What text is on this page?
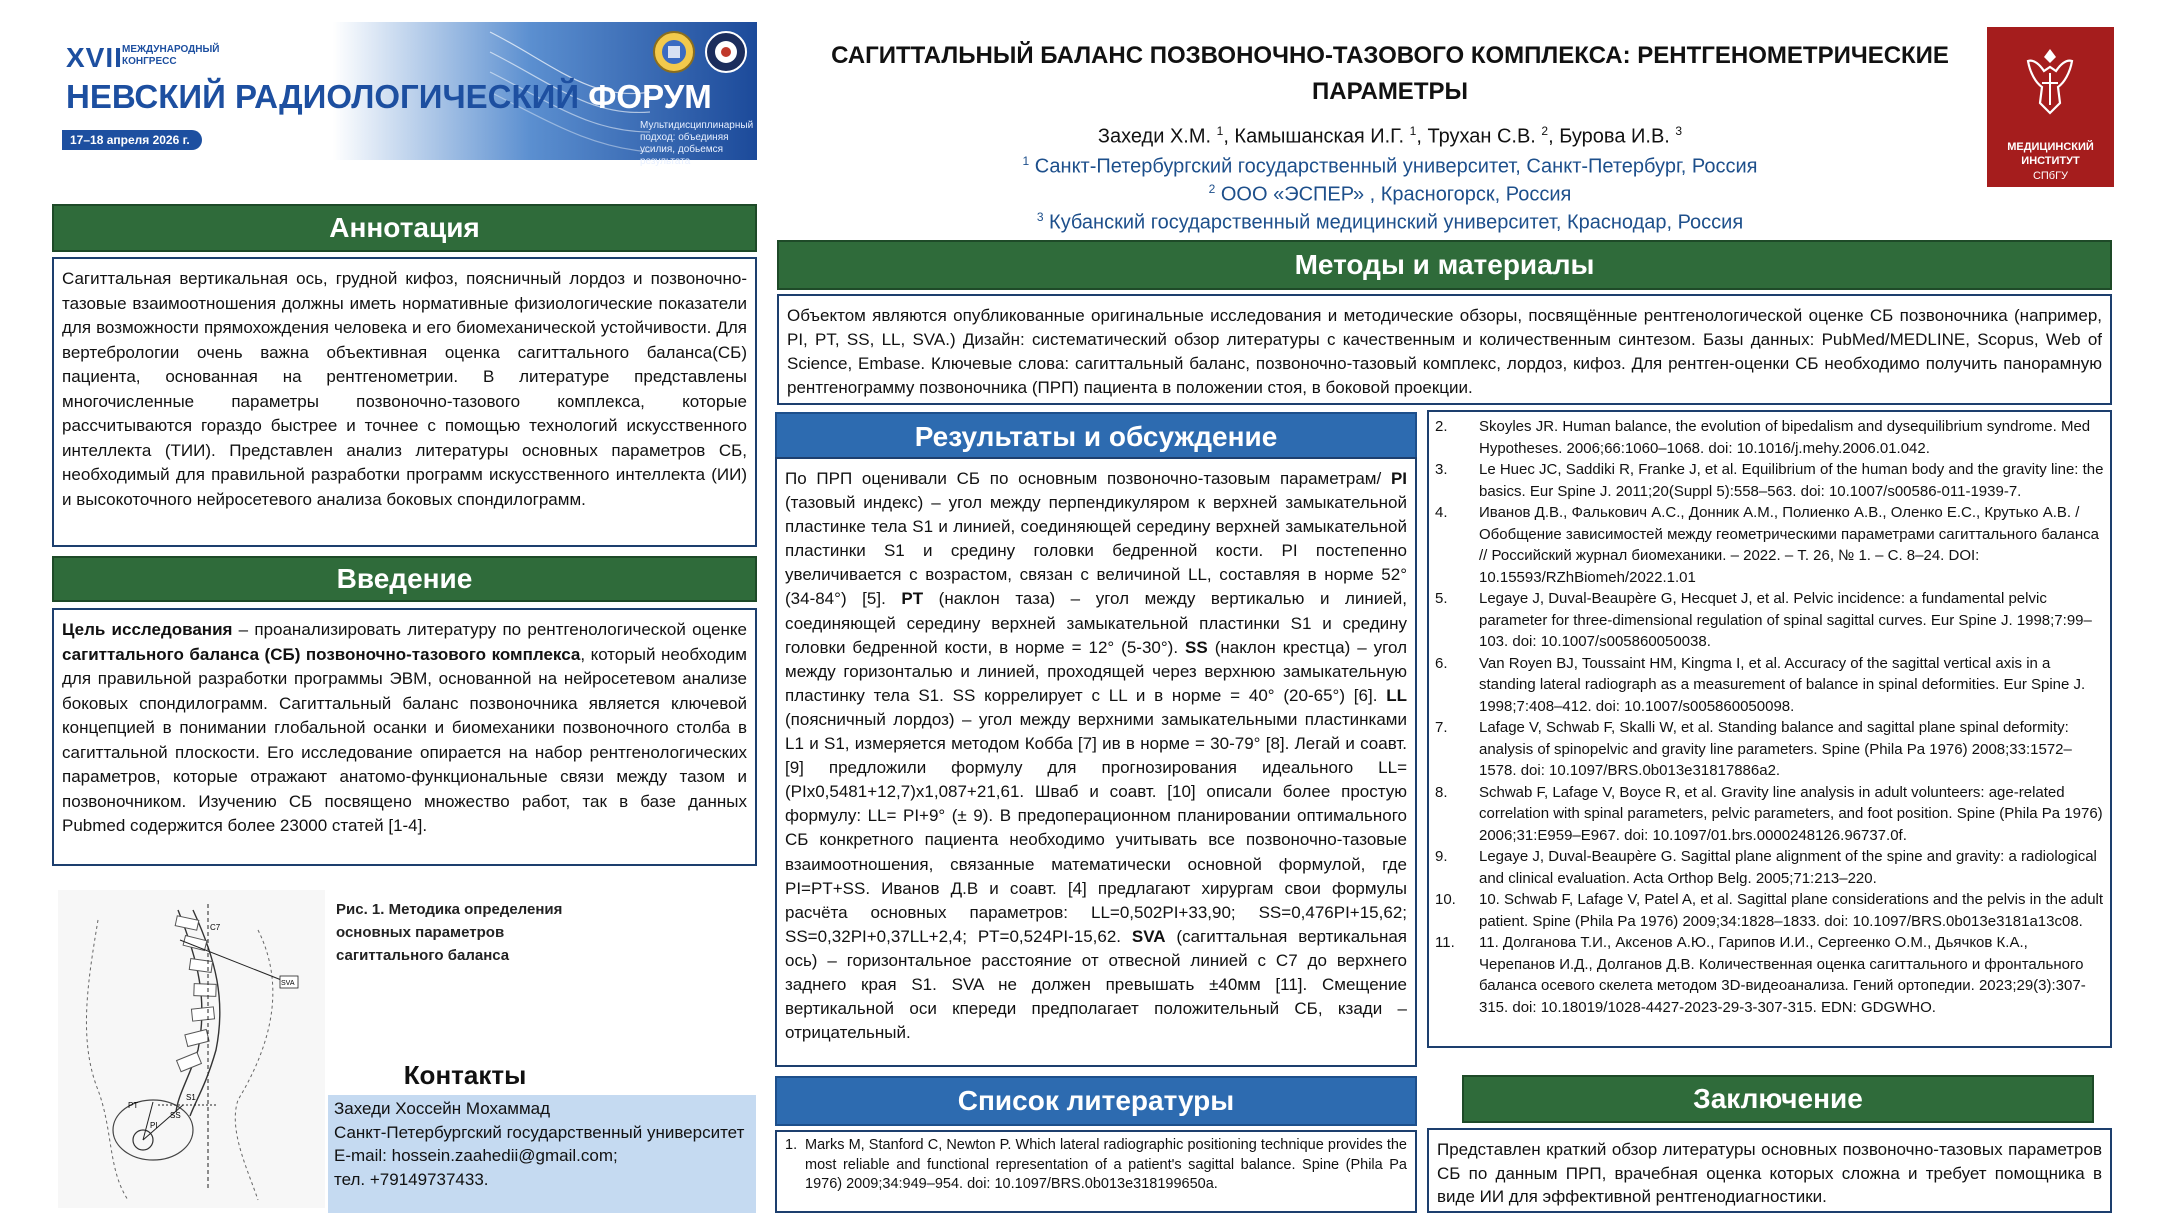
XVII МЕЖДУНАРОДНЫЙ КОНГРЕСС
НЕВСКИЙ РАДИОЛОГИЧЕСКИЙ ФОРУМ
17–18 апреля 2026 г.
Мультидисциплинарный подход: объединяя усилия, добьемся результата
САГИТТАЛЬНЫЙ БАЛАНС ПОЗВОНОЧНО-ТАЗОВОГО КОМПЛЕКСА: РЕНТГЕНОМЕТРИЧЕСКИЕ
ПАРАМЕТРЫ
Захеди Х.М. $^1$, Камышанская И.Г. $^1$, Трухан С.В. $^2$, Бурова И.В. $^3$
$^1$ Санкт-Петербургский государственный университет, Санкт-Петербург, Россия
$^2$ ООО «ЭСПЕР» , Красногорск, Россия
$^3$ Кубанский государственный медицинский университет, Краснодар, Россия
МЕДИЦИНСКИЙ
ИНСТИТУТ
СПбГУ
Аннотация
Сагиттальная вертикальная ось, грудной кифоз, поясничный лордоз и позвоночно-тазовые взаимоотношения должны иметь нормативные физиологические показатели для возможности прямохождения человека и его биомеханической устойчивости. Для вертебрологии очень важна объективная оценка сагиттального баланса(СБ) пациента, основанная на рентгенометрии. В литературе представлены многочисленные параметры позвоночно-тазового комплекса, которые рассчитываются гораздо быстрее и точнее с помощью технологий искусственного интеллекта (ТИИ). Представлен анализ литературы основных параметров СБ, необходимый для правильной разработки программ искусственного интеллекта (ИИ) и высокоточного нейросетевого анализа боковых спондилограмм.
Введение
Цель исследования – проанализировать литературу по рентгенологической оценке сагиттального баланса (СБ) позвоночно-тазового комплекса, который необходим для правильной разработки программы ЭВМ, основанной на нейросетевом анализе боковых спондилограмм. Сагиттальный баланс позвоночника является ключевой концепцией в понимании глобальной осанки и биомеханики позвоночного столба в сагиттальной плоскости. Его исследование опирается на набор рентгенологических параметров, которые отражают анатомо-функциональные связи между тазом и позвоночником. Изучению СБ посвящено множество работ, так в базе данных Pubmed содержится более 23000 статей [1-4].
SVA
C7
S1
PT
SS
PI
Рис. 1. Методика определения основных параметров сагиттального баланса
Контакты
Захеди Хоссейн Мохаммад
Санкт-Петербургский государственный университет
E-mail: hossein.zaahedii@gmail.com;
тел. +79149737433.
Методы и материалы
Объектом являются опубликованные оригинальные исследования и методические обзоры, посвящённые рентгенологической оценке СБ позвоночника (например, PI, PT, SS, LL, SVA.) Дизайн: систематический обзор литературы с качественным и количественным синтезом. Базы данных: PubMed/MEDLINE, Scopus, Web of Science, Embase. Ключевые слова: сагиттальный баланс, позвоночно-тазовый комплекс, лордоз, кифоз. Для рентген-оценки СБ необходимо получить панорамную рентгенограмму позвоночника (ПРП) пациента в положении стоя, в боковой проекции.
Результаты и обсуждение
По ПРП оценивали СБ по основным позвоночно-тазовым параметрам/ PI (тазовый индекс) – угол между перпендикуляром к верхней замыкательной пластинке тела S1 и линией, соединяющей середину верхней замыкательной пластинки S1 и средину головки бедренной кости. PI постепенно увеличивается с возрастом, связан с величиной LL, составляя в норме 52° (34-84°) [5]. PT (наклон таза) – угол между вертикалью и линией, соединяющей середину верхней замыкательной пластинки S1 и средину головки бедренной кости, в норме = 12° (5-30°). SS (наклон крестца) – угол между горизонталью и линией, проходящей через верхнюю замыкательную пластинку тела S1. SS коррелирует с LL и в норме = 40° (20-65°) [6]. LL (поясничный лордоз) – угол между верхними замыкательными пластинками L1 и S1, измеряется методом Кобба [7] ив в норме = 30-79° [8]. Легай и соавт. [9] предложили формулу для прогнозирования идеального LL=(PIx0,5481+12,7)x1,087+21,61. Шваб и соавт. [10] описали более простую формулу: LL= PI+9° (± 9). В предоперационном планировании оптимального СБ конкретного пациента необходимо учитывать все позвоночно-тазовые взаимоотношения, связанные математически основной формулой, где PI=PT+SS. Иванов Д.В и соавт. [4] предлагают хирургам свои формулы расчёта основных параметров: LL=0,502PI+33,90; SS=0,476PI+15,62; SS=0,32PI+0,37LL+2,4; PT=0,524PI-15,62. SVA (сагиттальная вертикальная ось) – горизонтальное расстояние от отвесной линией с C7 до верхнего заднего края S1. SVA не должен превышать ±40мм [11]. Смещение вертикальной оси кпереди предполагает положительный СБ, кзади – отрицательный.
Список литературы
1. Marks M, Stanford C, Newton P. Which lateral radiographic positioning technique provides the most reliable and functional representation of a patient's sagittal balance. Spine (Phila Pa 1976) 2009;34:949–954. doi: 10.1097/BRS.0b013e318199650a.
2.	Skoyles JR. Human balance, the evolution of bipedalism and dysequilibrium syndrome. Med Hypotheses. 2006;66:1060–1068. doi: 10.1016/j.mehy.2006.01.042.
3.	Le Huec JC, Saddiki R, Franke J, et al. Equilibrium of the human body and the gravity line: the basics. Eur Spine J. 2011;20(Suppl 5):558–563. doi: 10.1007/s00586-011-1939-7.
4.	Иванов Д.В., Фалькович А.С., Донник А.М., Полиенко А.В., Оленко Е.С., Крутько А.В. / Обобщение зависимостей между геометрическими параметрами сагиттального баланса // Российский журнал биомеханики. – 2022. – Т. 26, № 1. – С. 8–24. DOI: 10.15593/RZhBiomeh/2022.1.01
5.	Legaye J, Duval-Beaupère G, Hecquet J, et al. Pelvic incidence: a fundamental pelvic parameter for three-dimensional regulation of spinal sagittal curves. Eur Spine J. 1998;7:99–103. doi: 10.1007/s005860050038.
6.	Van Royen BJ, Toussaint HM, Kingma I, et al. Accuracy of the sagittal vertical axis in a standing lateral radiograph as a measurement of balance in spinal deformities. Eur Spine J. 1998;7:408–412. doi: 10.1007/s005860050098.
7.	Lafage V, Schwab F, Skalli W, et al. Standing balance and sagittal plane spinal deformity: analysis of spinopelvic and gravity line parameters. Spine (Phila Pa 1976) 2008;33:1572–1578. doi: 10.1097/BRS.0b013e31817886a2.
8.	Schwab F, Lafage V, Boyce R, et al. Gravity line analysis in adult volunteers: age-related correlation with spinal parameters, pelvic parameters, and foot position. Spine (Phila Pa 1976) 2006;31:E959–E967. doi: 10.1097/01.brs.0000248126.96737.0f.
9.	Legaye J, Duval-Beaupère G. Sagittal plane alignment of the spine and gravity: a radiological and clinical evaluation. Acta Orthop Belg. 2005;71:213–220.
10.	10. Schwab F, Lafage V, Patel A, et al. Sagittal plane considerations and the pelvis in the adult patient. Spine (Phila Pa 1976) 2009;34:1828–1833. doi: 10.1097/BRS.0b013e3181a13c08.
11.	11. Долганова Т.И., Аксенов А.Ю., Гарипов И.И., Сергеенко О.М., Дьячков К.А., Черепанов И.Д., Долганов Д.В. Количественная оценка сагиттального и фронтального баланса осевого скелета методом 3D-видеоанализа. Гений ортопедии. 2023;29(3):307-315. doi: 10.18019/1028-4427-2023-29-3-307-315. EDN: GDGWHO.
Заключение
Представлен краткий обзор литературы основных позвоночно-тазовых параметров СБ по данным ПРП, врачебная оценка которых сложна и требует помощника в виде ИИ для эффективной рентгенодиагностики.
